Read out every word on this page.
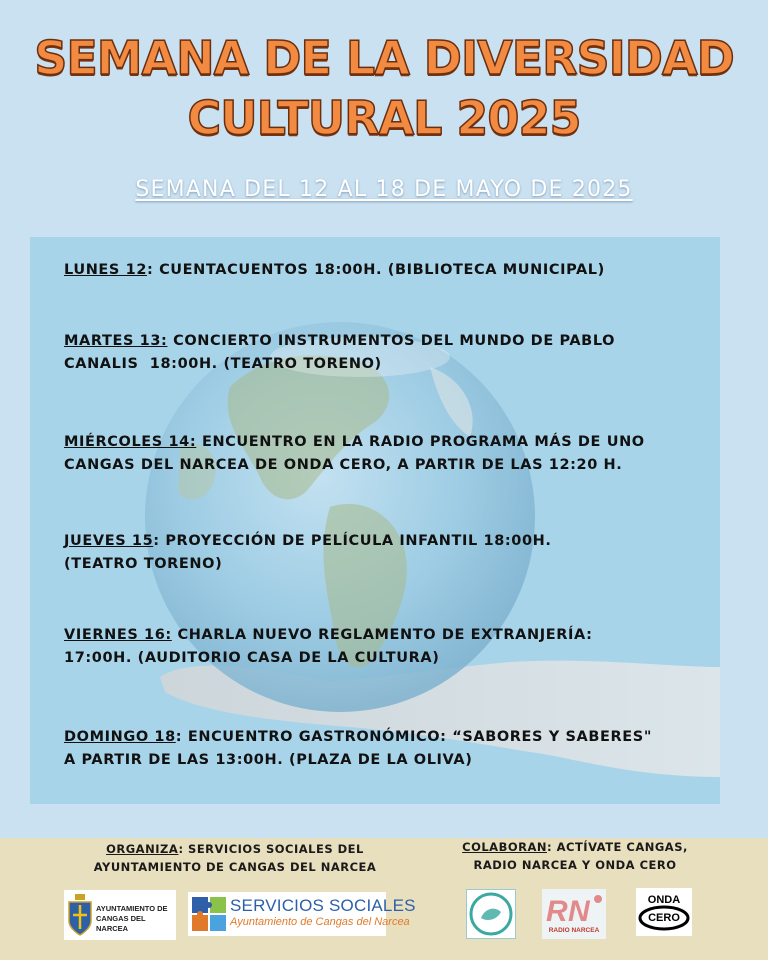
SEMANA DE LA DIVERSIDAD
CULTURAL 2025
SEMANA DEL 12 AL 18 DE MAYO DE 2025
LUNES 12: CUENTACUENTOS 18:00H. (BIBLIOTECA MUNICIPAL)
MARTES 13: CONCIERTO INSTRUMENTOS DEL MUNDO DE PABLO
CANALIS  18:00H. (TEATRO TORENO)
MIÉRCOLES 14: ENCUENTRO EN LA RADIO PROGRAMA MÁS DE UNO
CANGAS DEL NARCEA DE ONDA CERO, A PARTIR DE LAS 12:20 H.
JUEVES 15: PROYECCIÓN DE PELÍCULA INFANTIL 18:00H.
(TEATRO TORENO)
VIERNES 16: CHARLA NUEVO REGLAMENTO DE EXTRANJERÍA:
17:00H. (AUDITORIO CASA DE LA CULTURA)
DOMINGO 18: ENCUENTRO GASTRONÓMICO: “SABORES Y SABERES"
A PARTIR DE LAS 13:00H. (PLAZA DE LA OLIVA)
ORGANIZA: SERVICIOS SOCIALES DEL
AYUNTAMIENTO DE CANGAS DEL NARCEA
COLABORAN: ACTÍVATE CANGAS,
RADIO NARCEA Y ONDA CERO
AYUNTAMIENTO DE
CANGAS DEL NARCEA
SERVICIOS SOCIALES
Ayuntamiento de Cangas del Narcea	R N
RADIO NARCEA
ONDA
CERO
